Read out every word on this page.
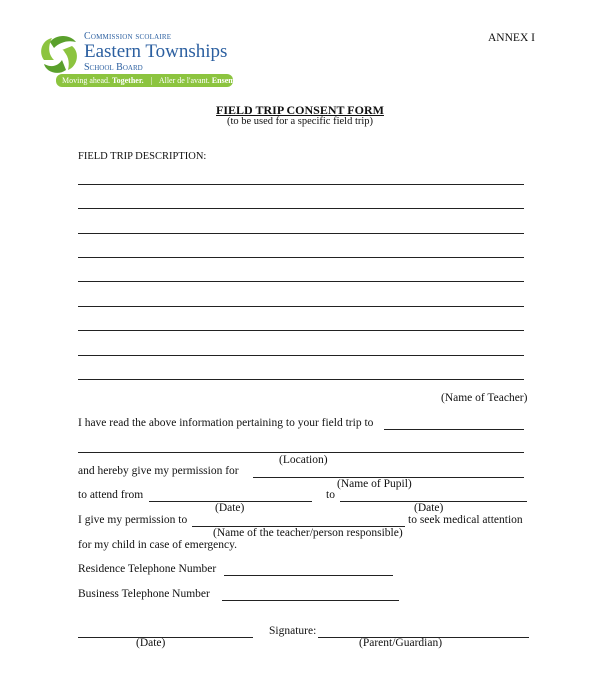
Commission scolaire
Eastern Townships
School Board
Moving ahead. Together. | Aller de l'avant. Ensemble.
ANNEX I
FIELD TRIP CONSENT FORM
(to be used for a specific field trip)
FIELD TRIP DESCRIPTION:
(Name of Teacher)
I have read the above information pertaining to your field trip to
(Location)
and hereby give my permission for
(Name of Pupil)
to attend from	to
(Date)	(Date)
I give my permission to	to seek medical attention
(Name of the teacher/person responsible)
for my child in case of emergency.
Residence Telephone Number
Business Telephone Number
Signature:
(Date)	(Parent/Guardian)
